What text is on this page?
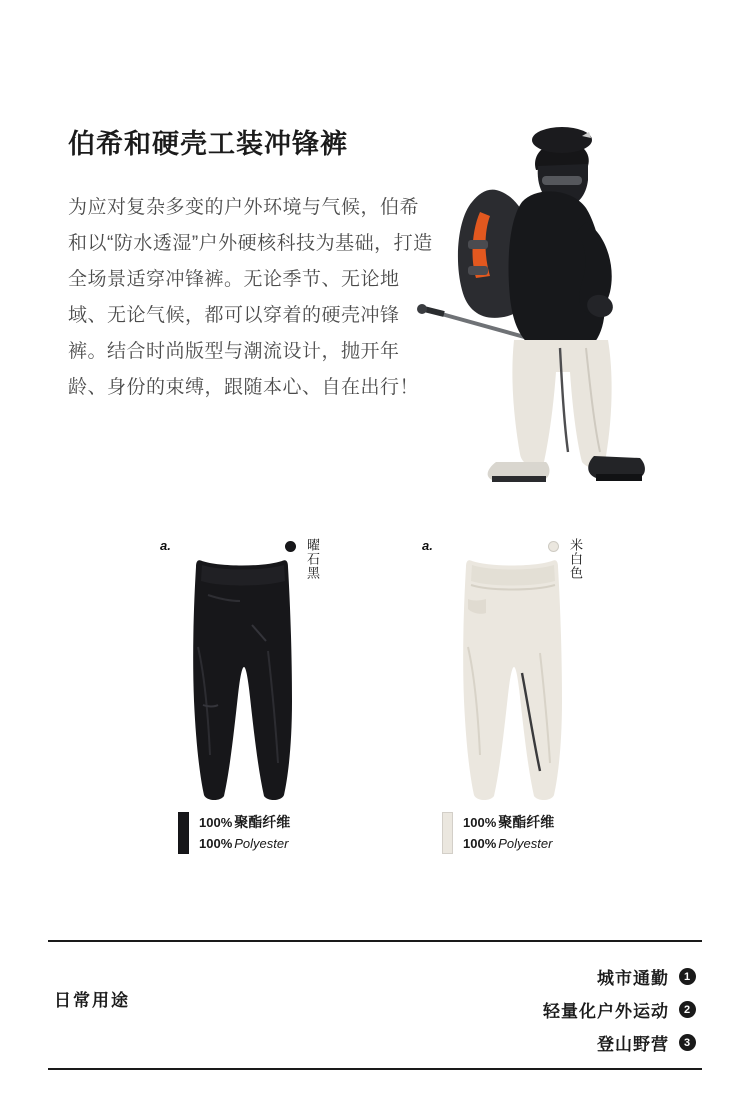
伯希和硬壳工装冲锋裤
为应对复杂多变的户外环境与气候，伯希和以“防水透湿”户外硬核科技为基础，打造全场景适穿冲锋裤。无论季节、无论地域、无论气候，都可以穿着的硬壳冲锋裤。结合时尚版型与潮流设计，抛开年龄、身份的束缚，跟随本心、自在出行！
a.	曜石黑
100% 聚酯纤维
100% Polyester
a.	米白色
100% 聚酯纤维
100% Polyester
日常用途
城市通勤	1
轻量化户外运动	2
登山野营	3
